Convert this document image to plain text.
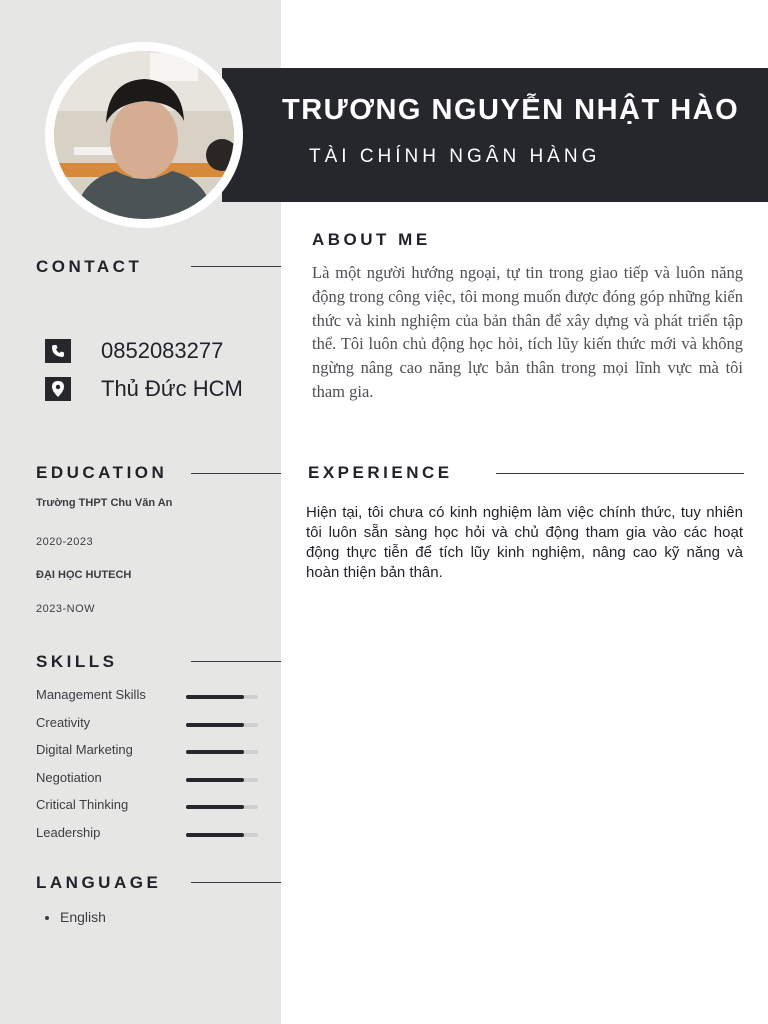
TRƯƠNG NGUYỄN NHẬT HÀO
TÀI CHÍNH NGÂN HÀNG
CONTACT
0852083277
Thủ Đức HCM
EDUCATION
Trường THPT Chu Văn An
2020-2023
ĐẠI HỌC HUTECH
2023-NOW
SKILLS
Management Skills
Creativity
Digital Marketing
Negotiation
Critical Thinking
Leadership
LANGUAGE
• English
ABOUT ME
Là một người hướng ngoại, tự tin trong giao tiếp và luôn năng động trong công việc, tôi mong muốn được đóng góp những kiến thức và kinh nghiệm của bản thân để xây dựng và phát triển tập thể. Tôi luôn chủ động học hỏi, tích lũy kiến thức mới và không ngừng nâng cao năng lực bản thân trong mọi lĩnh vực mà tôi tham gia.
EXPERIENCE
Hiện tại, tôi chưa có kinh nghiệm làm việc chính thức, tuy nhiên tôi luôn sẵn sàng học hỏi và chủ động tham gia vào các hoạt động thực tiễn để tích lũy kinh nghiệm, nâng cao kỹ năng và hoàn thiện bản thân.
